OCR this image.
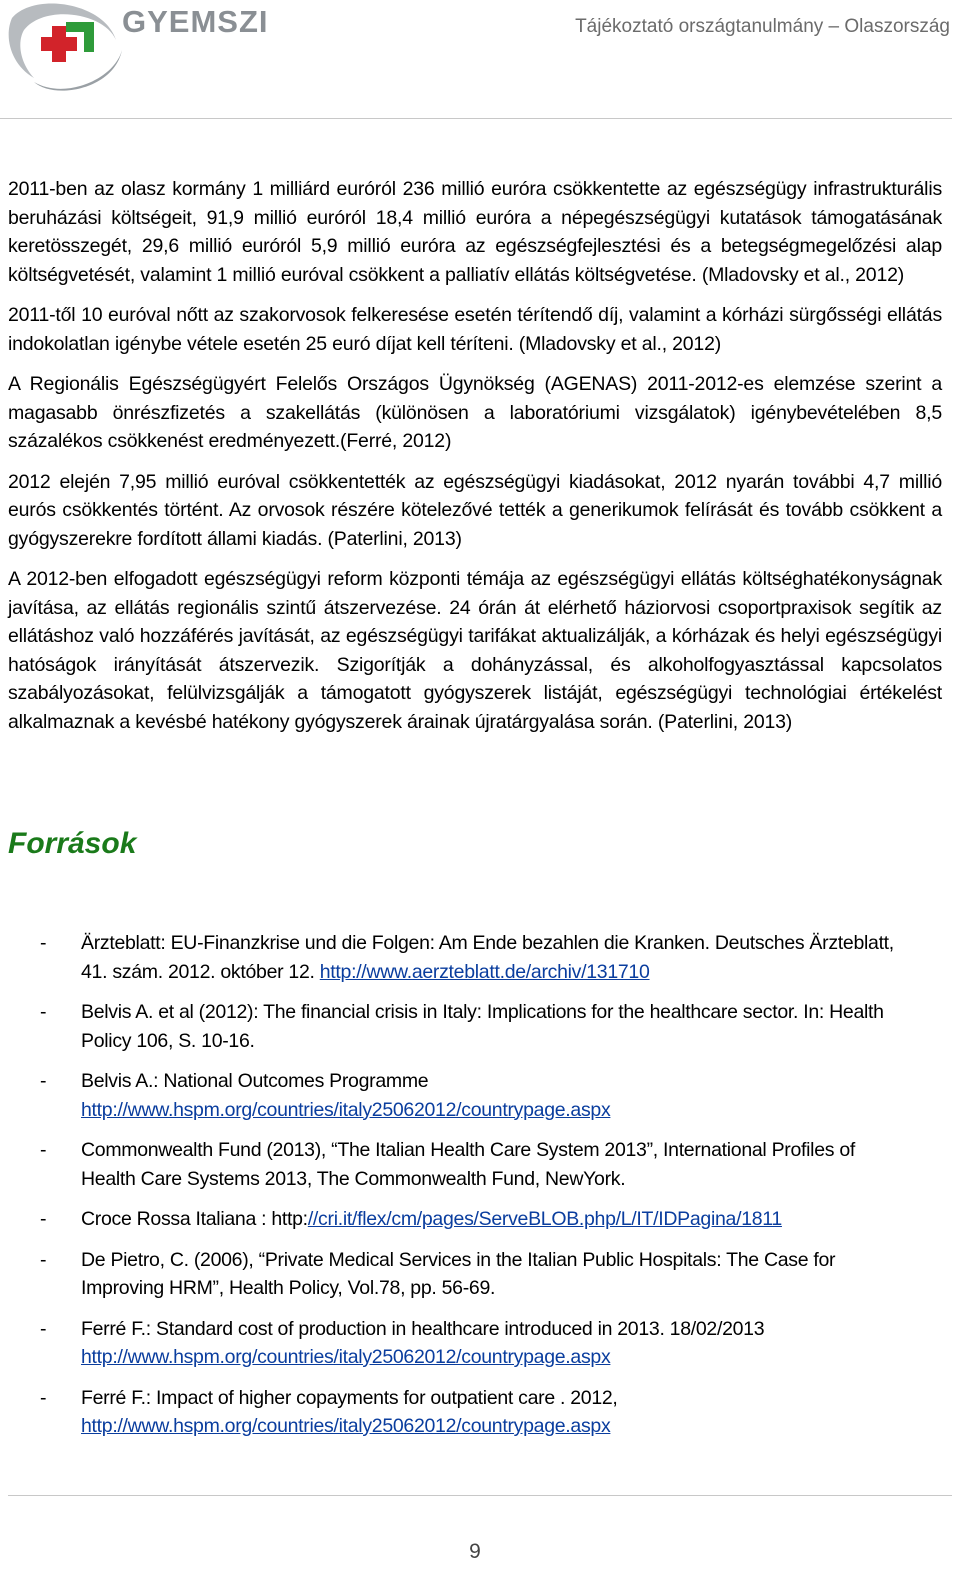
GYEMSZI	Tájékoztató országtanulmány – Olaszország

2011-ben az olasz kormány 1 milliárd euróról 236 millió euróra csökkentette az egészségügy infrastrukturális beruházási költségeit, 91,9 millió euróról 18,4 millió euróra a népegészségügyi kutatások támogatásának keretösszegét, 29,6 millió euróról 5,9 millió euróra az egészségfejlesztési és a betegségmegelőzési alap költségvetését, valamint 1 millió euróval csökkent a palliatív ellátás költségvetése. (Mladovsky et al., 2012)

2011-től 10 euróval nőtt az szakorvosok felkeresése esetén térítendő díj, valamint a kórházi sürgősségi ellátás indokolatlan igénybe vétele esetén 25 euró díjat kell téríteni. (Mladovsky et al., 2012)

A Regionális Egészségügyért Felelős Országos Ügynökség (AGENAS) 2011-2012-es elemzése szerint a magasabb önrészfizetés a szakellátás (különösen a laboratóriumi vizsgálatok) igénybevételében 8,5 százalékos csökkenést eredményezett.(Ferré, 2012)

2012 elején 7,95 millió euróval csökkentették az egészségügyi kiadásokat, 2012 nyarán további 4,7 millió eurós csökkentés történt. Az orvosok részére kötelezővé tették a generikumok felírását és tovább csökkent a gyógyszerekre fordított állami kiadás. (Paterlini, 2013)

A 2012-ben elfogadott egészségügyi reform központi témája az egészségügyi ellátás költséghatékonyságnak javítása, az ellátás regionális szintű átszervezése. 24 órán át elérhető háziorvosi csoportpraxisok segítik az ellátáshoz való hozzáférés javítását, az egészségügyi tarifákat aktualizálják, a kórházak és helyi egészségügyi hatóságok irányítását átszervezik. Szigorítják a dohányzással, és alkoholfogyasztással kapcsolatos szabályozásokat, felülvizsgálják a támogatott gyógyszerek listáját, egészségügyi technológiai értékelést alkalmaznak a kevésbé hatékony gyógyszerek árainak újratárgyalása során. (Paterlini, 2013)

Források
- Ärzteblatt: EU-Finanzkrise und die Folgen: Am Ende bezahlen die Kranken. Deutsches Ärzteblatt, 41. szám. 2012. október 12. http://www.aerzteblatt.de/archiv/131710
- Belvis A. et al (2012): The financial crisis in Italy: Implications for the healthcare sector. In: Health Policy 106, S. 10-16.
- Belvis A.: National Outcomes Programme
http://www.hspm.org/countries/italy25062012/countrypage.aspx
- Commonwealth Fund (2013), “The Italian Health Care System 2013”, International Profiles of Health Care Systems 2013, The Commonwealth Fund, NewYork.
- Croce Rossa Italiana : http://cri.it/flex/cm/pages/ServeBLOB.php/L/IT/IDPagina/1811
- De Pietro, C. (2006), “Private Medical Services in the Italian Public Hospitals: The Case for Improving HRM”, Health Policy, Vol.78, pp. 56-69.
- Ferré F.: Standard cost of production in healthcare introduced in 2013. 18/02/2013
http://www.hspm.org/countries/italy25062012/countrypage.aspx
- Ferré F.: Impact of higher copayments for outpatient care . 2012,
http://www.hspm.org/countries/italy25062012/countrypage.aspx
9
